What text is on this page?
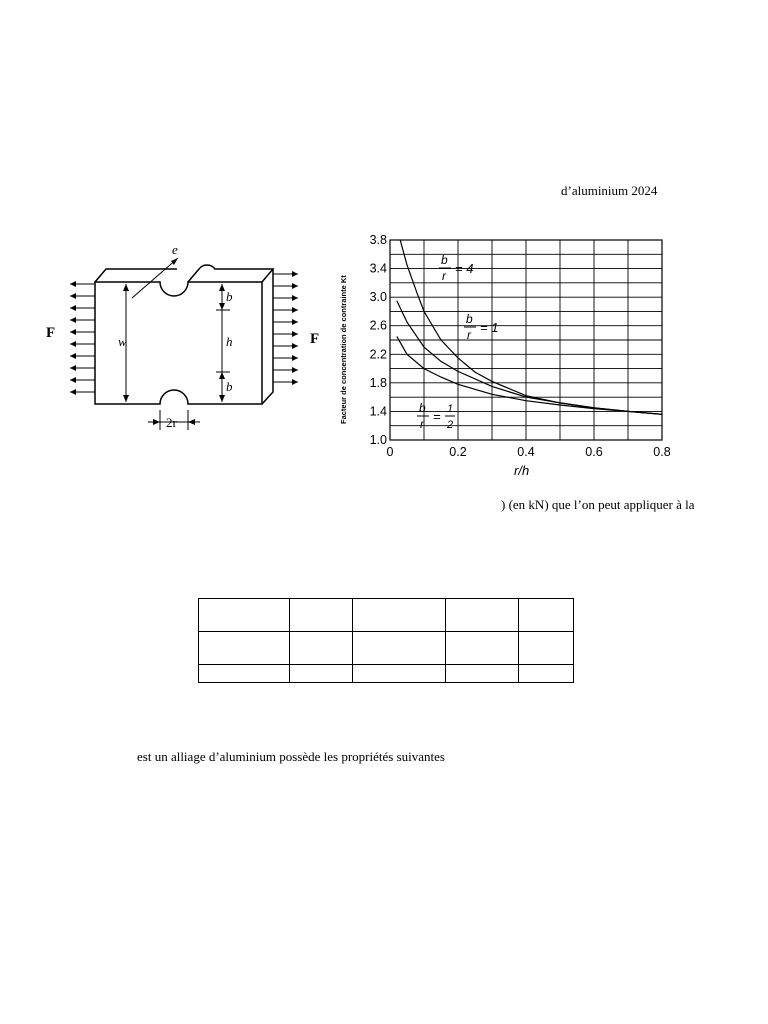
d’aluminium 2024
e
w
b
h
b
2r
F	F
1.0
1.4
1.8
2.2
2.6
3.0
3.4
3.8
0	0.2	0.4	0.6	0.8
Facteur de concentration de contrainte Kt
r/h
b
r = 4
b
r = 1
b
r = 1
2
) (en kN) que l’on peut appliquer à la

est un alliage d’aluminium possède les propriétés suivantes
